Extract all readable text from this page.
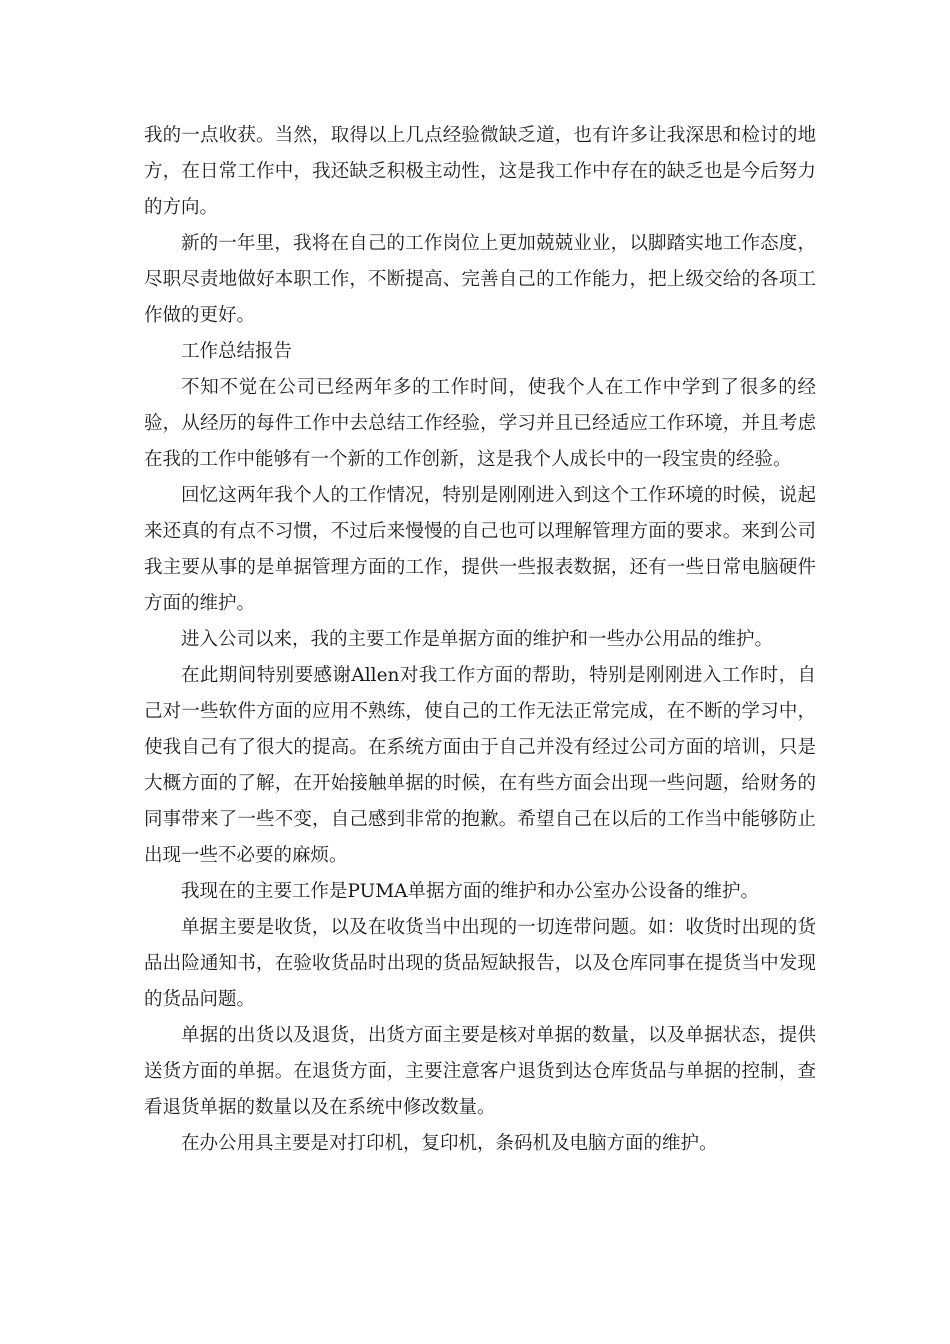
我的一点收获。当然，取得以上几点经验微缺乏道，也有许多让我深思和检讨的地方，在日常工作中，我还缺乏积极主动性，这是我工作中存在的缺乏也是今后努力的方向。

新的一年里，我将在自己的工作岗位上更加兢兢业业，以脚踏实地工作态度，尽职尽责地做好本职工作，不断提高、完善自己的工作能力，把上级交给的各项工作做的更好。

工作总结报告

不知不觉在公司已经两年多的工作时间，使我个人在工作中学到了很多的经验，从经历的每件工作中去总结工作经验，学习并且已经适应工作环境，并且考虑在我的工作中能够有一个新的工作创新，这是我个人成长中的一段宝贵的经验。

回忆这两年我个人的工作情况，特别是刚刚进入到这个工作环境的时候，说起来还真的有点不习惯，不过后来慢慢的自己也可以理解管理方面的要求。来到公司我主要从事的是单据管理方面的工作，提供一些报表数据，还有一些日常电脑硬件方面的维护。

进入公司以来，我的主要工作是单据方面的维护和一些办公用品的维护。

在此期间特别要感谢Allen对我工作方面的帮助，特别是刚刚进入工作时，自己对一些软件方面的应用不熟练，使自己的工作无法正常完成，在不断的学习中，使我自己有了很大的提高。在系统方面由于自己并没有经过公司方面的培训，只是大概方面的了解，在开始接触单据的时候，在有些方面会出现一些问题，给财务的同事带来了一些不变，自己感到非常的抱歉。希望自己在以后的工作当中能够防止出现一些不必要的麻烦。

我现在的主要工作是PUMA单据方面的维护和办公室办公设备的维护。

单据主要是收货，以及在收货当中出现的一切连带问题。如：收货时出现的货品出险通知书，在验收货品时出现的货品短缺报告，以及仓库同事在提货当中发现的货品问题。

单据的出货以及退货，出货方面主要是核对单据的数量，以及单据状态，提供送货方面的单据。在退货方面，主要注意客户退货到达仓库货品与单据的控制，查看退货单据的数量以及在系统中修改数量。

在办公用具主要是对打印机，复印机，条码机及电脑方面的维护。
